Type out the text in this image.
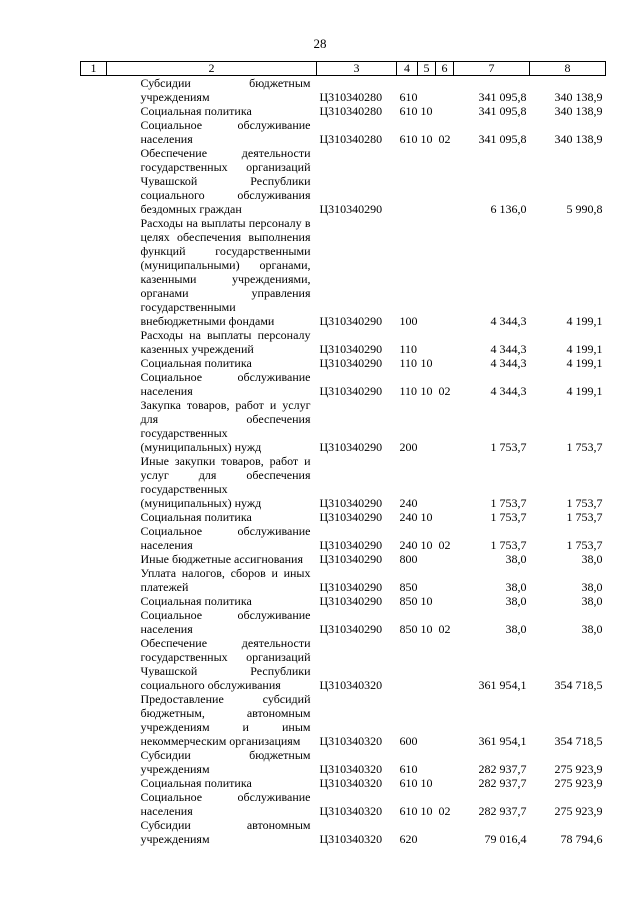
28
1	2	3	4	5	6	7	8
	Субсидии бюджетным учреждениям	Ц310340280	610			341 095,8	340 138,9
	Социальная политика	Ц310340280	610	10		341 095,8	340 138,9
	Социальное обслуживание населения	Ц310340280	610	10	02	341 095,8	340 138,9
	Обеспечение деятельности государственных организаций Чувашской Республики социального обслуживания бездомных граждан	Ц310340290				6 136,0	5 990,8
	Расходы на выплаты персоналу в целях обеспечения выполнения функций государственными (муниципальными) органами, казенными учреждениями, органами управления государственными внебюджетными фондами	Ц310340290	100			4 344,3	4 199,1
	Расходы на выплаты персоналу казенных учреждений	Ц310340290	110			4 344,3	4 199,1
	Социальная политика	Ц310340290	110	10		4 344,3	4 199,1
	Социальное обслуживание населения	Ц310340290	110	10	02	4 344,3	4 199,1
	Закупка товаров, работ и услуг для обеспечения государственных (муниципальных) нужд	Ц310340290	200			1 753,7	1 753,7
	Иные закупки товаров, работ и услуг для обеспечения государственных (муниципальных) нужд	Ц310340290	240			1 753,7	1 753,7
	Социальная политика	Ц310340290	240	10		1 753,7	1 753,7
	Социальное обслуживание населения	Ц310340290	240	10	02	1 753,7	1 753,7
	Иные бюджетные ассигнования	Ц310340290	800			38,0	38,0
	Уплата налогов, сборов и иных платежей	Ц310340290	850			38,0	38,0
	Социальная политика	Ц310340290	850	10		38,0	38,0
	Социальное обслуживание населения	Ц310340290	850	10	02	38,0	38,0
	Обеспечение деятельности государственных организаций Чувашской Республики социального обслуживания	Ц310340320				361 954,1	354 718,5
	Предоставление субсидий бюджетным, автономным учреждениям и иным некоммерческим организациям	Ц310340320	600			361 954,1	354 718,5
	Субсидии бюджетным учреждениям	Ц310340320	610			282 937,7	275 923,9
	Социальная политика	Ц310340320	610	10		282 937,7	275 923,9
	Социальное обслуживание населения	Ц310340320	610	10	02	282 937,7	275 923,9
	Субсидии автономным учреждениям	Ц310340320	620			79 016,4	78 794,6
